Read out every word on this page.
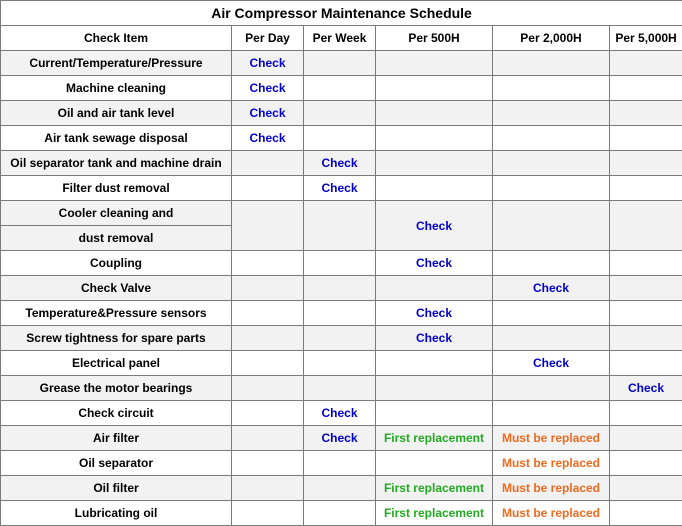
Air Compressor Maintenance Schedule					
Check Item	Per Day	Per Week	Per 500H	Per 2,000H	Per 5,000H
Current/Temperature/Pressure	Check				
Machine cleaning	Check				
Oil and air tank level	Check				
Air tank sewage disposal	Check				
Oil separator tank and machine drain		Check			
Filter dust removal		Check			
Cooler cleaning and			Check		
dust removal					
Coupling			Check		
Check Valve				Check	
Temperature&Pressure sensors			Check		
Screw tightness for spare parts			Check		
Electrical panel				Check	
Grease the motor bearings					Check
Check circuit		Check			
Air filter		Check	First replacement	Must be replaced	
Oil separator				Must be replaced	
Oil filter			First replacement	Must be replaced	
Lubricating oil			First replacement	Must be replaced	
